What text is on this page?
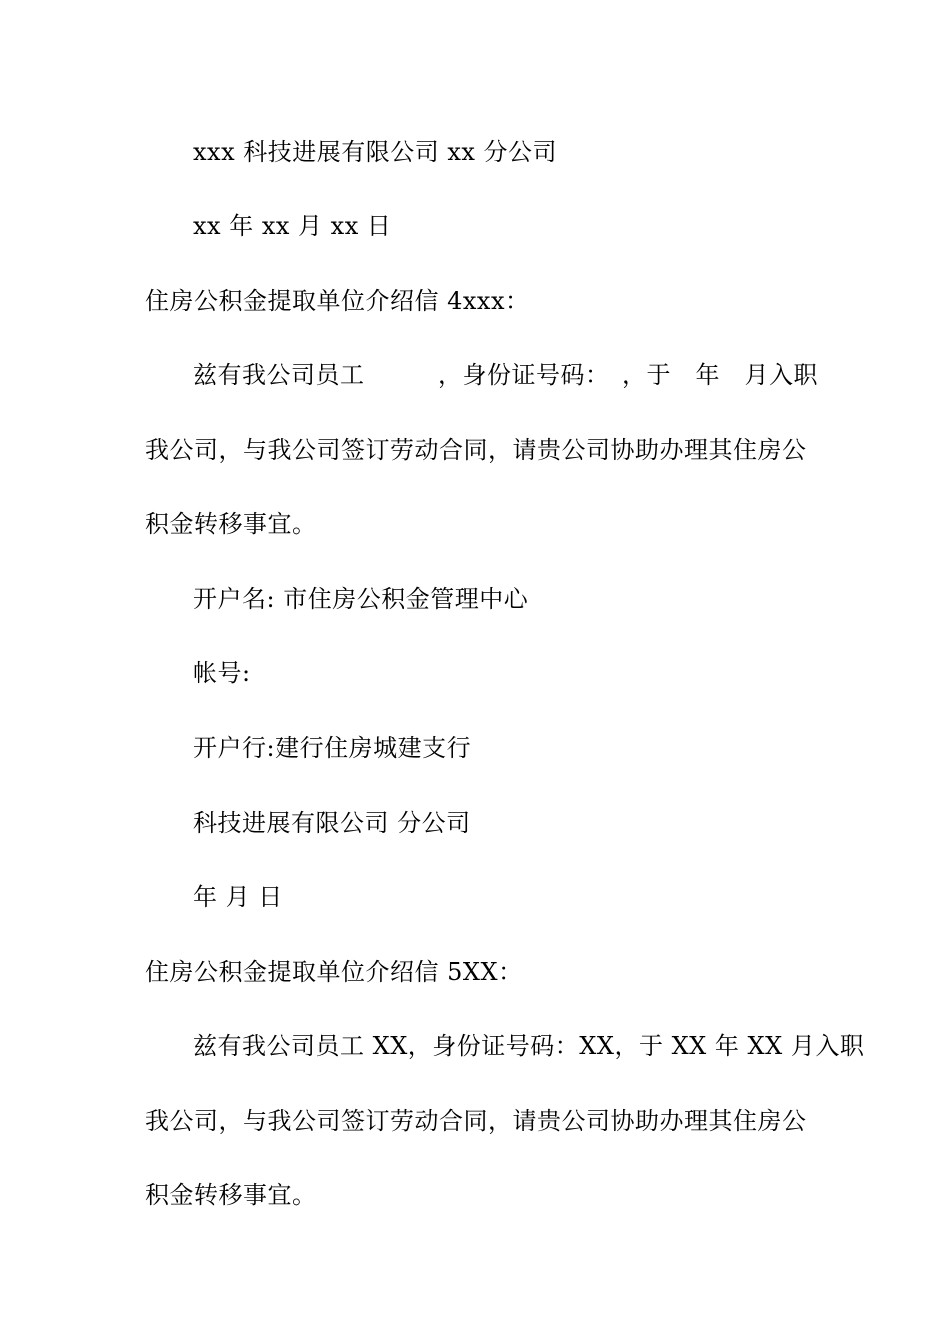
xxx 科技进展有限公司 xx 分公司
xx 年 xx 月 xx 日
住房公积金提取单位介绍信 4xxx：
兹有我公司员工　　　，身份证号码：　，于　年　月入职
我公司，与我公司签订劳动合同，请贵公司协助办理其住房公
积金转移事宜。
开户名: 市住房公积金管理中心
帐号:
开户行:建行住房城建支行
科技进展有限公司 分公司
年 月 日
住房公积金提取单位介绍信 5XX：
兹有我公司员工 XX，身份证号码：XX，于 XX 年 XX 月入职
我公司，与我公司签订劳动合同，请贵公司协助办理其住房公
积金转移事宜。
